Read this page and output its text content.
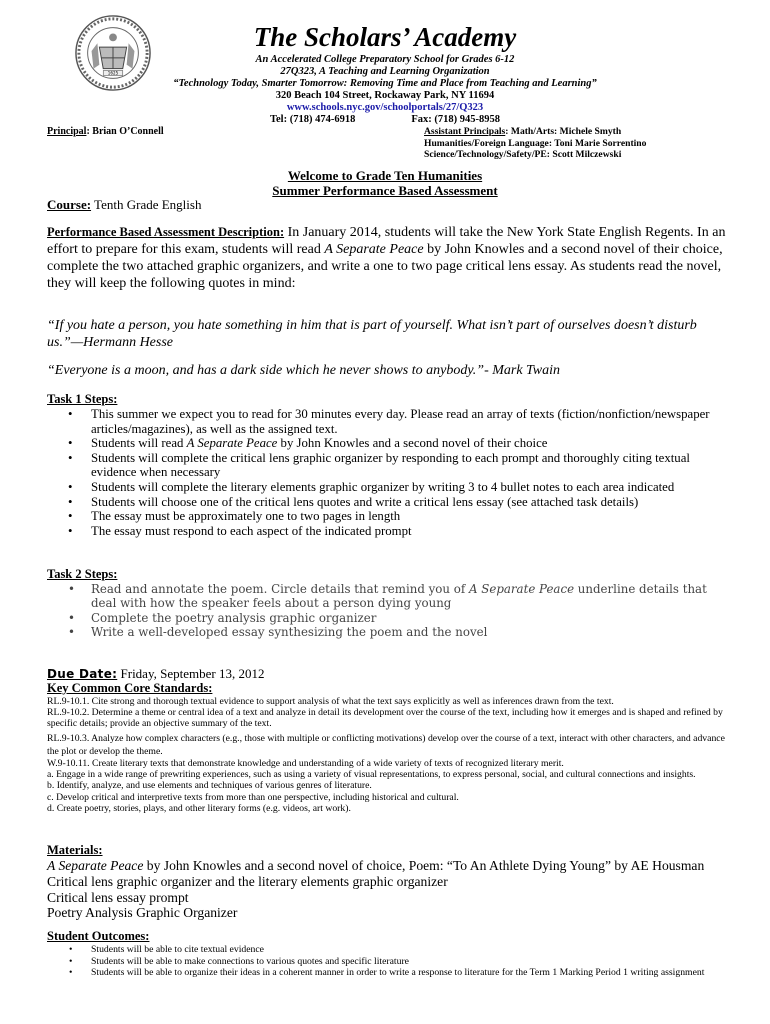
1625
The Scholars’ Academy
An Accelerated College Preparatory School for Grades 6-12
27Q323, A Teaching and Learning Organization
“Technology Today, Smarter Tomorrow: Removing Time and Place from Teaching and Learning”
320 Beach 104 Street, Rockaway Park, NY 11694
www.schools.nyc.gov/schoolportals/27/Q323
Tel: (718) 474-6918	Fax: (718) 945-8958
Principal: Brian O’Connell	Assistant Principals: Math/Arts: Michele Smyth
Humanities/Foreign Language: Toni Marie Sorrentino
Science/Technology/Safety/PE: Scott Milczewski
Welcome to Grade Ten Humanities
Summer Performance Based Assessment
Course: Tenth Grade English
Performance Based Assessment Description: In January 2014, students will take the New York State English Regents. In an effort to prepare for this exam, students will read A Separate Peace by John Knowles and a second novel of their choice, complete the two attached graphic organizers, and write a one to two page critical lens essay. As students read the novel, they will keep the following quotes in mind:
“If you hate a person, you hate something in him that is part of yourself. What isn’t part of ourselves doesn’t disturb us.”—Hermann Hesse
“Everyone is a moon, and has a dark side which he never shows to anybody.”- Mark Twain
Task 1 Steps:
• This summer we expect you to read for 30 minutes every day. Please read an array of texts (fiction/nonfiction/newspaper articles/magazines), as well as the assigned text.
• Students will read A Separate Peace by John Knowles and a second novel of their choice
• Students will complete the critical lens graphic organizer by responding to each prompt and thoroughly citing textual evidence when necessary
• Students will complete the literary elements graphic organizer by writing 3 to 4 bullet notes to each area indicated
• Students will choose one of the critical lens quotes and write a critical lens essay (see attached task details)
• The essay must be approximately one to two pages in length
• The essay must respond to each aspect of the indicated prompt
Task 2 Steps:
• Read and annotate the poem. Circle details that remind you of A Separate Peace underline details that deal with how the speaker feels about a person dying young
• Complete the poetry analysis graphic organizer
• Write a well-developed essay synthesizing the poem and the novel
Due Date: Friday, September 13, 2012
Key Common Core Standards:
RL.9-10.1. Cite strong and thorough textual evidence to support analysis of what the text says explicitly as well as inferences drawn from the text.
RL.9-10.2. Determine a theme or central idea of a text and analyze in detail its development over the course of the text, including how it emerges and is shaped and refined by specific details; provide an objective summary of the text.
RL.9-10.3. Analyze how complex characters (e.g., those with multiple or conflicting motivations) develop over the course of a text, interact with other characters, and advance the plot or develop the theme.
W.9-10.11. Create literary texts that demonstrate knowledge and understanding of a wide variety of texts of recognized literary merit.
a. Engage in a wide range of prewriting experiences, such as using a variety of visual representations, to express personal, social, and cultural connections and insights.
b. Identify, analyze, and use elements and techniques of various genres of literature.
c. Develop critical and interpretive texts from more than one perspective, including historical and cultural.
d. Create poetry, stories, plays, and other literary forms (e.g. videos, art work).
Materials:
A Separate Peace by John Knowles and a second novel of choice, Poem: “To An Athlete Dying Young” by AE Housman
Critical lens graphic organizer and the literary elements graphic organizer
Critical lens essay prompt
Poetry Analysis Graphic Organizer
Student Outcomes:
• Students will be able to cite textual evidence
• Students will be able to make connections to various quotes and specific literature
• Students will be able to organize their ideas in a coherent manner in order to write a response to literature for the Term 1 Marking Period 1 writing assignment
